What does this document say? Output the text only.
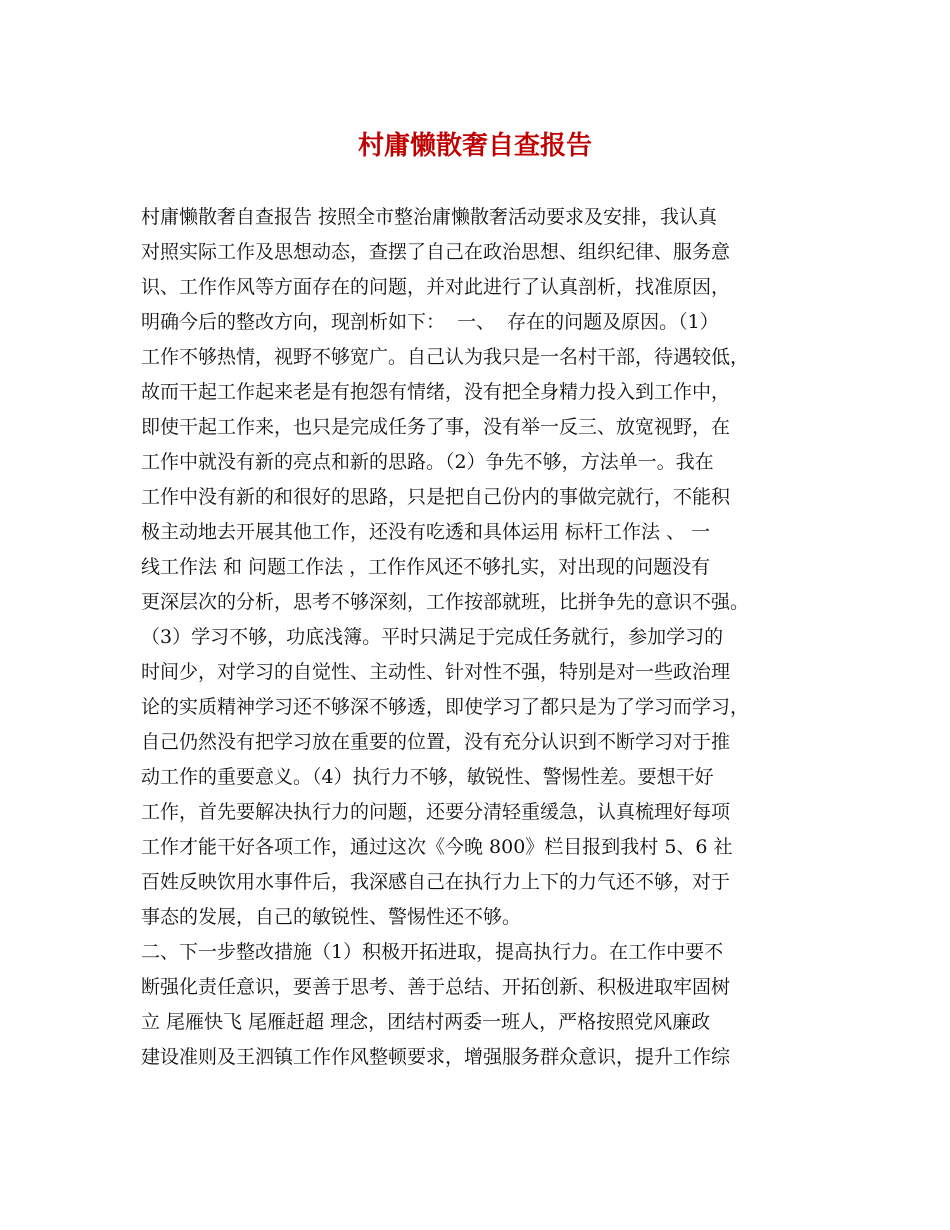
村庸懒散奢自查报告
村庸懒散奢自查报告 按照全市整治庸懒散奢活动要求及安排，我认真
对照实际工作及思想动态，查摆了自己在政治思想、组织纪律、服务意
识、工作作风等方面存在的问题，并对此进行了认真剖析，找准原因，
明确今后的整改方向，现剖析如下：  一、  存在的问题及原因。（1）
工作不够热情，视野不够宽广。自己认为我只是一名村干部，待遇较低，
故而干起工作起来老是有抱怨有情绪，没有把全身精力投入到工作中，
即使干起工作来，也只是完成任务了事，没有举一反三、放宽视野，在
工作中就没有新的亮点和新的思路。（2）争先不够，方法单一。我在
工作中没有新的和很好的思路，只是把自己份内的事做完就行，不能积
极主动地去开展其他工作，还没有吃透和具体运用 标杆工作法 、 一
线工作法 和 问题工作法 ，工作作风还不够扎实，对出现的问题没有
更深层次的分析，思考不够深刻，工作按部就班，比拼争先的意识不强。
（3）学习不够，功底浅簿。平时只满足于完成任务就行，参加学习的
时间少，对学习的自觉性、主动性、针对性不强，特别是对一些政治理
论的实质精神学习还不够深不够透，即使学习了都只是为了学习而学习，
自己仍然没有把学习放在重要的位置，没有充分认识到不断学习对于推
动工作的重要意义。（4）执行力不够，敏锐性、警惕性差。要想干好
工作，首先要解决执行力的问题，还要分清轻重缓急，认真梳理好每项
工作才能干好各项工作，通过这次《今晚 800》栏目报到我村 5、6 社
百姓反映饮用水事件后，我深感自己在执行力上下的力气还不够，对于
事态的发展，自己的敏锐性、警惕性还不够。
二、下一步整改措施（1）积极开拓进取，提高执行力。在工作中要不
断强化责任意识，要善于思考、善于总结、开拓创新、积极进取牢固树
立 尾雁快飞 尾雁赶超 理念，团结村两委一班人，严格按照党风廉政
建设准则及王泗镇工作作风整顿要求，增强服务群众意识，提升工作综
